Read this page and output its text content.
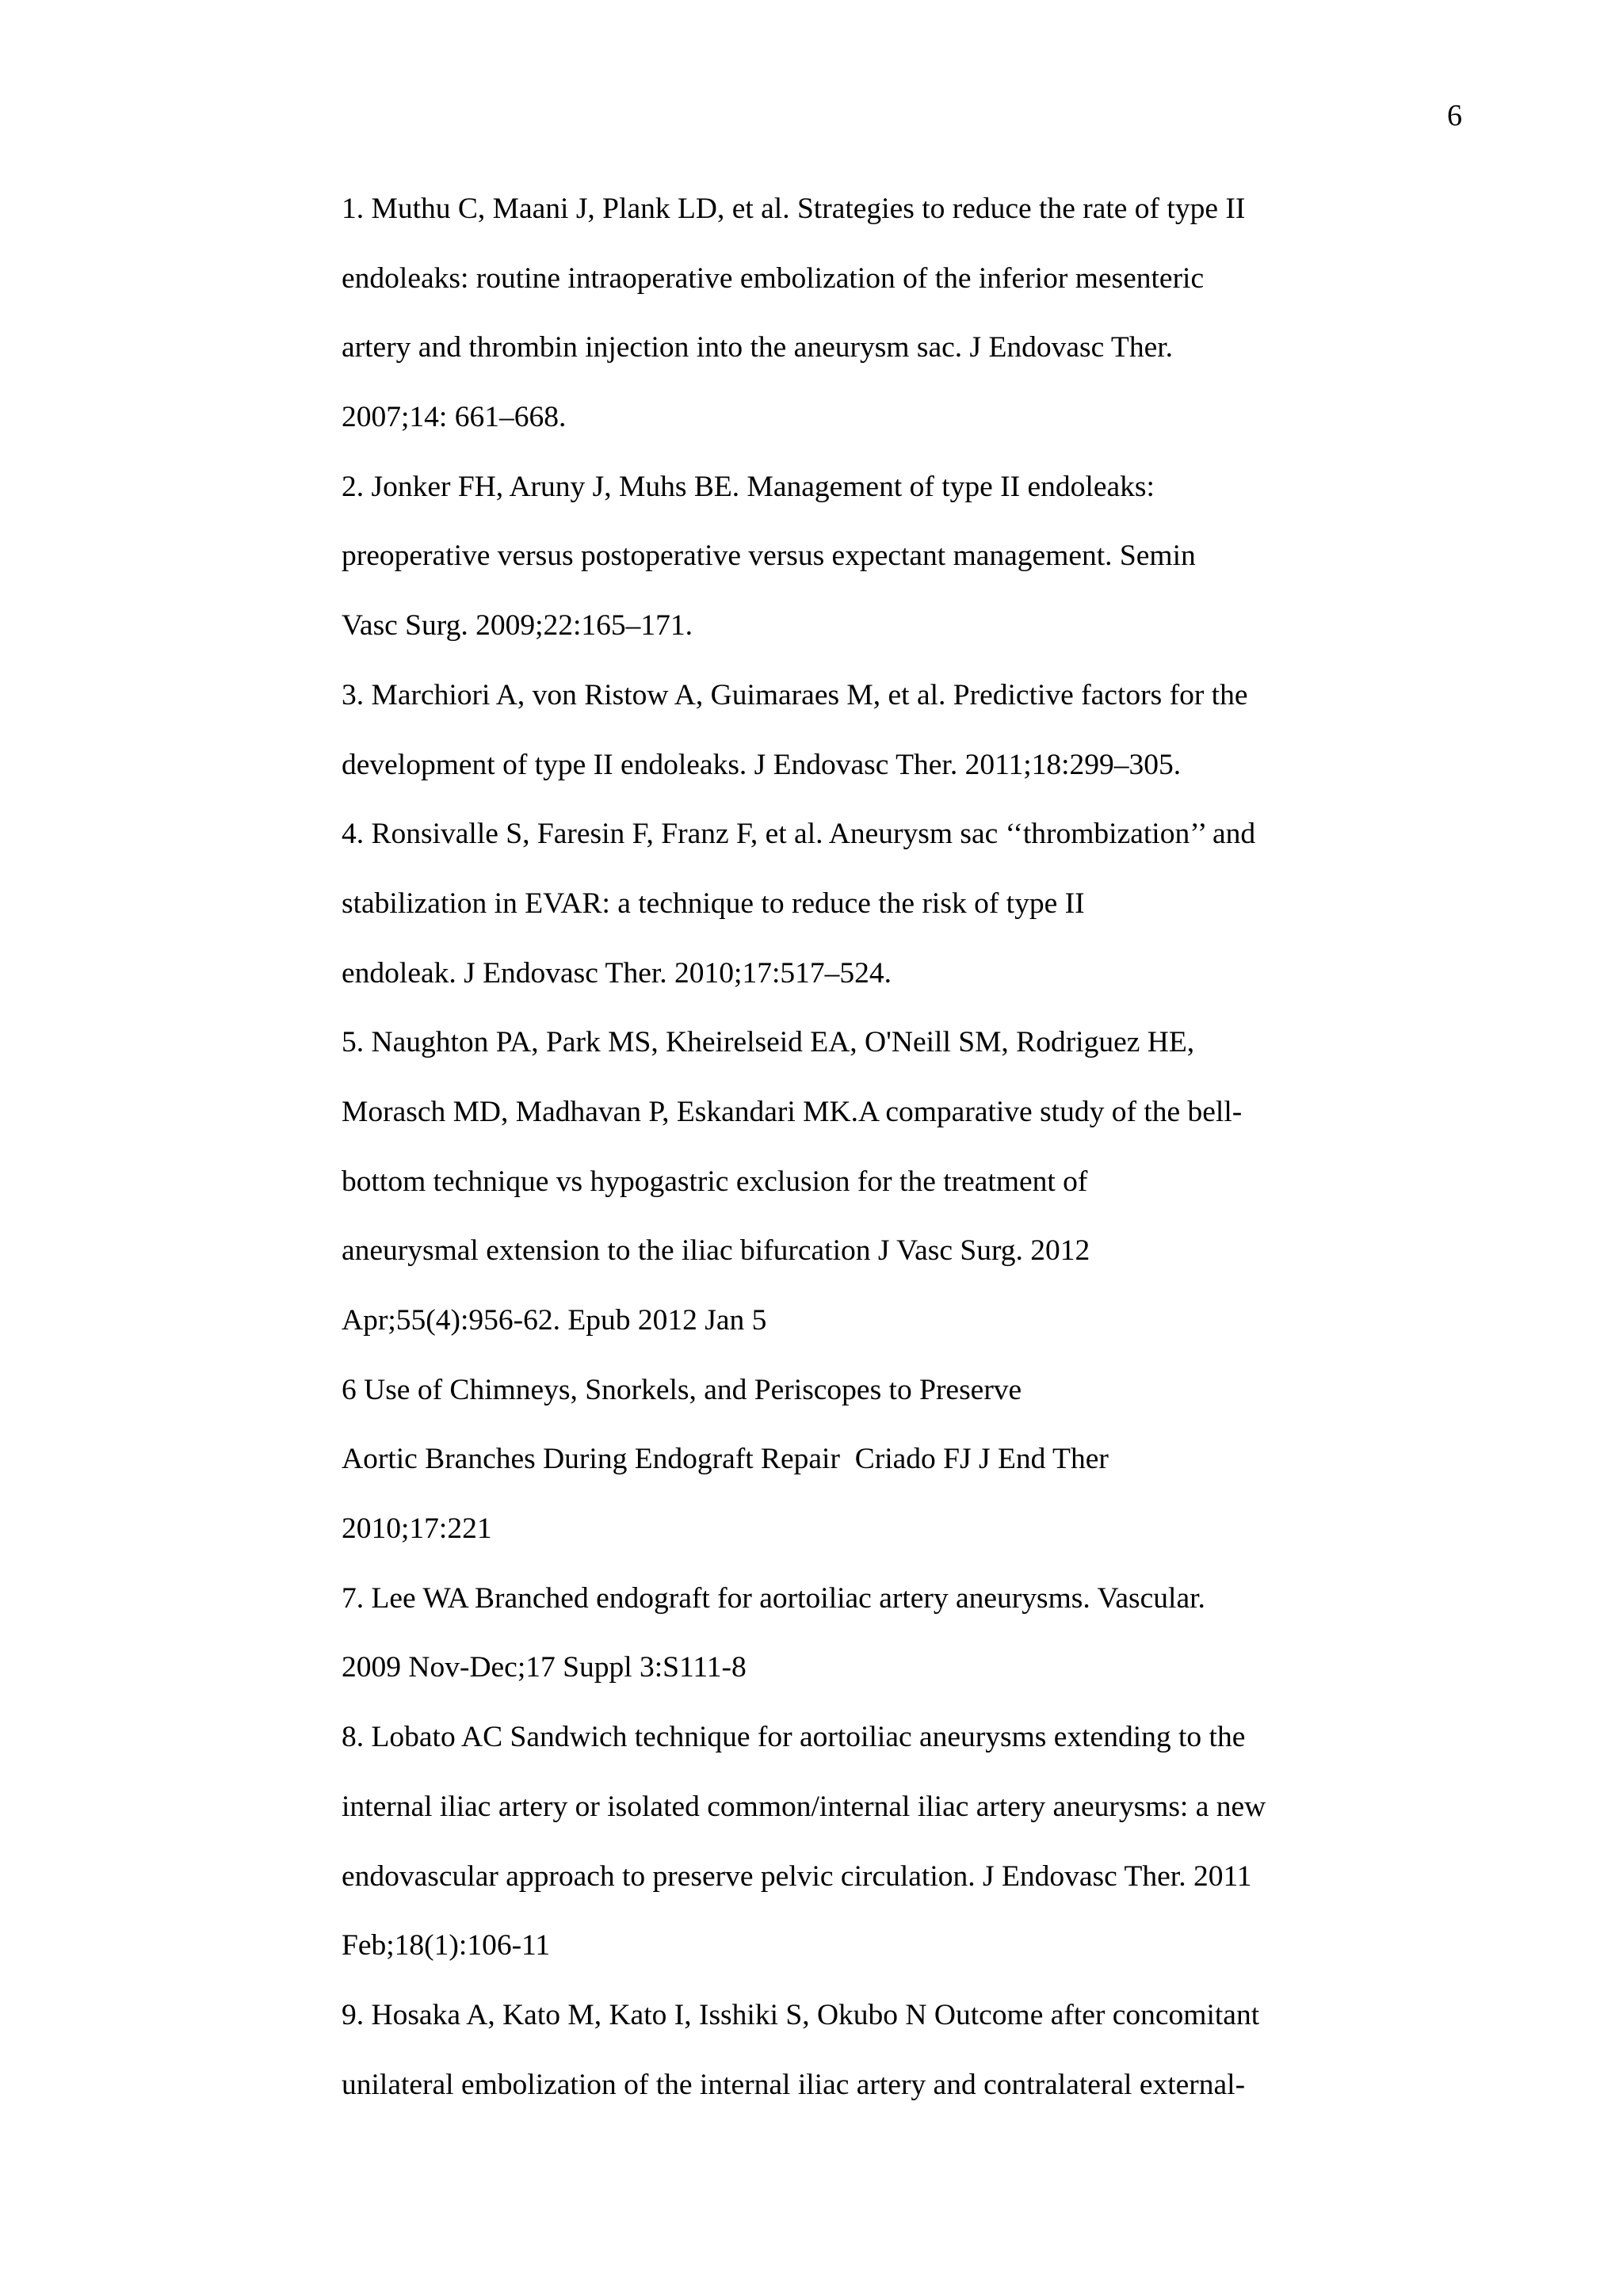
6
1. Muthu C, Maani J, Plank LD, et al. Strategies to reduce the rate of type II
endoleaks: routine intraoperative embolization of the inferior mesenteric
artery and thrombin injection into the aneurysm sac. J Endovasc Ther.
2007;14: 661–668.
2. Jonker FH, Aruny J, Muhs BE. Management of type II endoleaks:
preoperative versus postoperative versus expectant management. Semin
Vasc Surg. 2009;22:165–171.
3. Marchiori A, von Ristow A, Guimaraes M, et al. Predictive factors for the
development of type II endoleaks. J Endovasc Ther. 2011;18:299–305.
4. Ronsivalle S, Faresin F, Franz F, et al. Aneurysm sac ‘‘thrombization’’ and
stabilization in EVAR: a technique to reduce the risk of type II
endoleak. J Endovasc Ther. 2010;17:517–524.
5. Naughton PA, Park MS, Kheirelseid EA, O'Neill SM, Rodriguez HE,
Morasch MD, Madhavan P, Eskandari MK.A comparative study of the bell-
bottom technique vs hypogastric exclusion for the treatment of
aneurysmal extension to the iliac bifurcation J Vasc Surg. 2012
Apr;55(4):956-62. Epub 2012 Jan 5
6 Use of Chimneys, Snorkels, and Periscopes to Preserve
Aortic Branches During Endograft Repair  Criado FJ J End Ther
2010;17:221
7. Lee WA Branched endograft for aortoiliac artery aneurysms. Vascular.
2009 Nov-Dec;17 Suppl 3:S111-8
8. Lobato AC Sandwich technique for aortoiliac aneurysms extending to the
internal iliac artery or isolated common/internal iliac artery aneurysms: a new
endovascular approach to preserve pelvic circulation. J Endovasc Ther. 2011
Feb;18(1):106-11
9. Hosaka A, Kato M, Kato I, Isshiki S, Okubo N Outcome after concomitant
unilateral embolization of the internal iliac artery and contralateral external-
